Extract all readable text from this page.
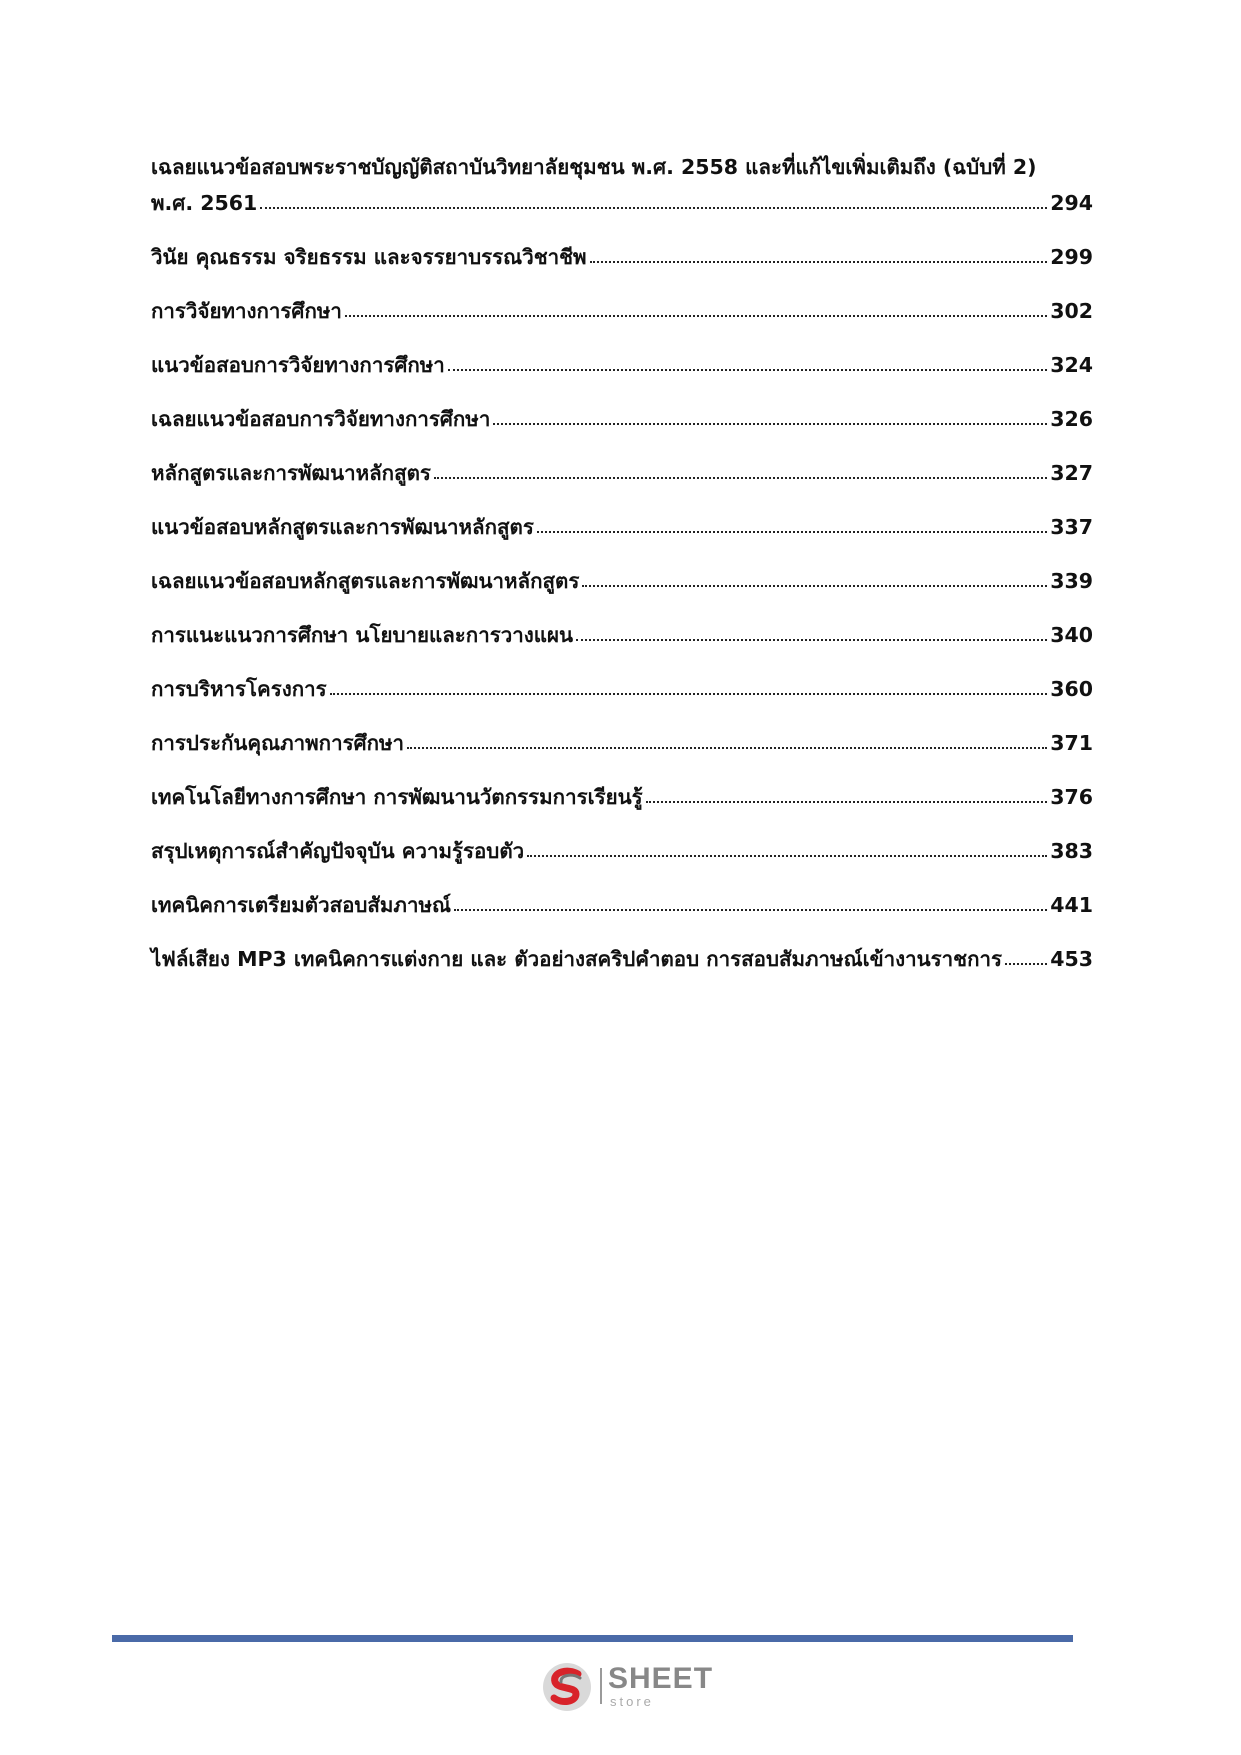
เฉลยแนวข้อสอบพระราชบัญญัติสถาบันวิทยาลัยชุมชน พ.ศ. 2558 และที่แก้ไขเพิ่มเติมถึง (ฉบับที่ 2)
พ.ศ. 2561	294
วินัย คุณธรรม จริยธรรม และจรรยาบรรณวิชาชีพ	299
การวิจัยทางการศึกษา	302
แนวข้อสอบการวิจัยทางการศึกษา	324
เฉลยแนวข้อสอบการวิจัยทางการศึกษา	326
หลักสูตรและการพัฒนาหลักสูตร	327
แนวข้อสอบหลักสูตรและการพัฒนาหลักสูตร	337
เฉลยแนวข้อสอบหลักสูตรและการพัฒนาหลักสูตร	339
การแนะแนวการศึกษา นโยบายและการวางแผน	340
การบริหารโครงการ	360
การประกันคุณภาพการศึกษา	371
เทคโนโลยีทางการศึกษา การพัฒนานวัตกรรมการเรียนรู้	376
สรุปเหตุการณ์สำคัญปัจจุบัน ความรู้รอบตัว	383
เทคนิคการเตรียมตัวสอบสัมภาษณ์	441
ไฟล์เสียง MP3 เทคนิคการแต่งกาย และ ตัวอย่างสคริปคำตอบ การสอบสัมภาษณ์เข้างานราชการ 453
SHEET
store
